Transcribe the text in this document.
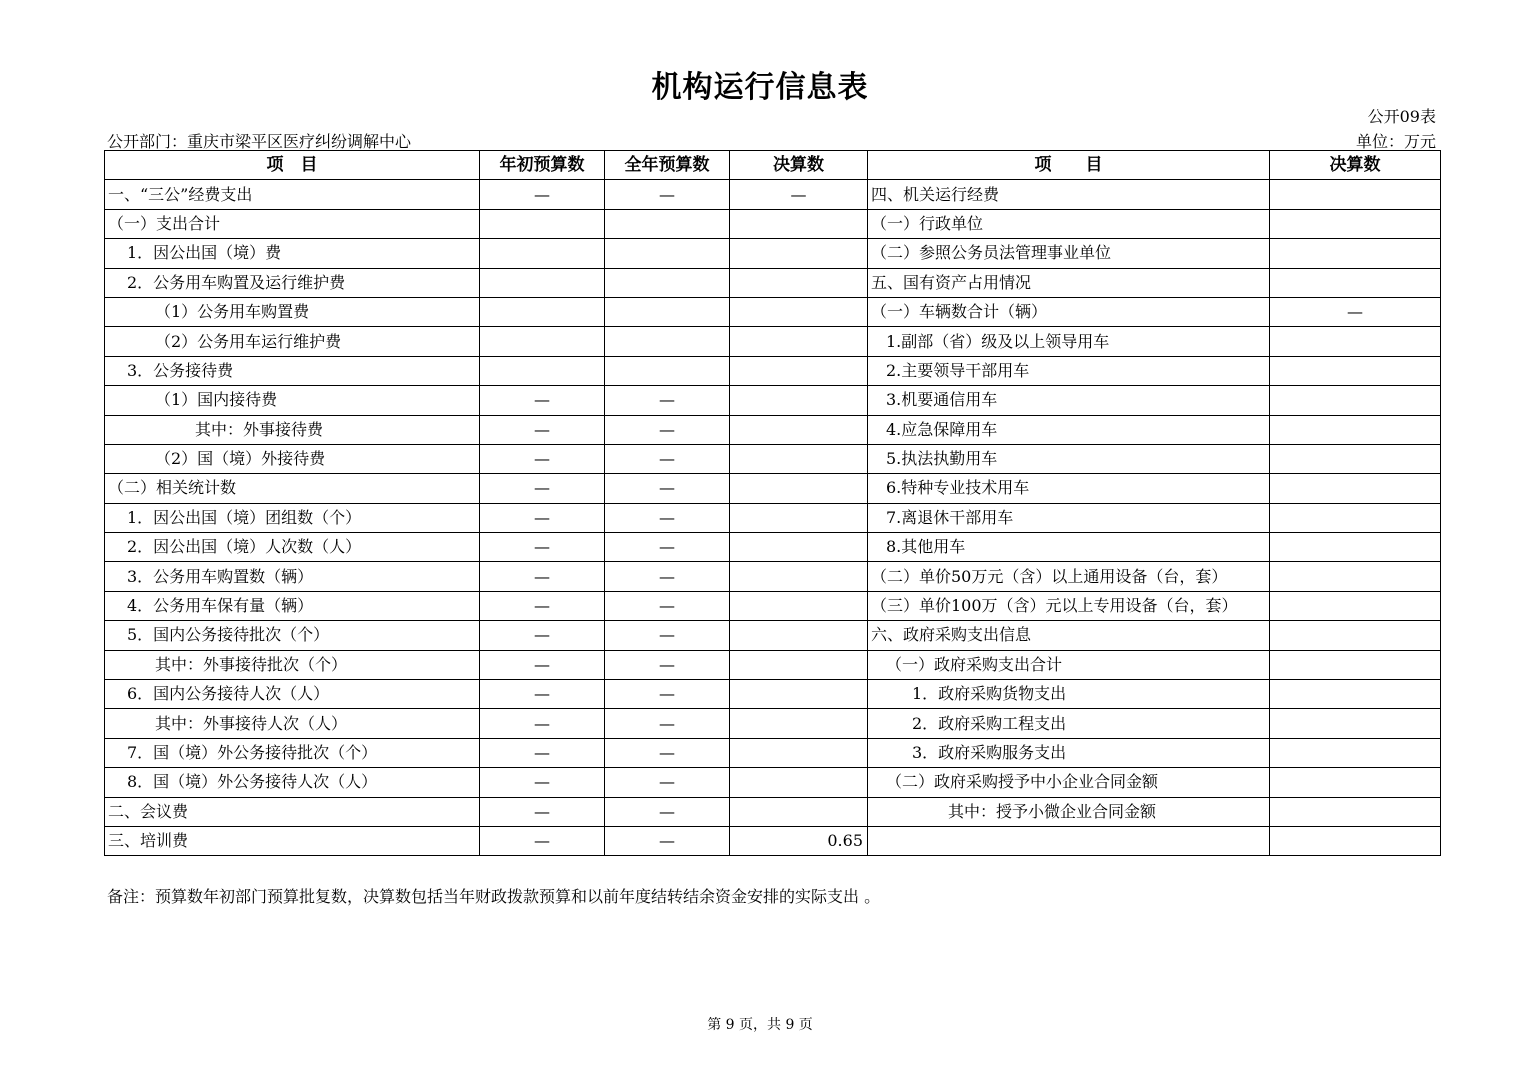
机构运行信息表
公开09表
公开部门：重庆市梁平区医疗纠纷调解中心	单位：万元
项　目	年初预算数	全年预算数	决算数	项　　目	决算数
一、“三公”经费支出	—	—	—	四、机关运行经费	
（一）支出合计				（一）行政单位	
1．因公出国（境）费				（二）参照公务员法管理事业单位	
2．公务用车购置及运行维护费				五、国有资产占用情况	
（1）公务用车购置费				（一）车辆数合计（辆）	—
（2）公务用车运行维护费				1.副部（省）级及以上领导用车	
3．公务接待费				2.主要领导干部用车	
（1）国内接待费	—	—		3.机要通信用车	
其中：外事接待费	—	—		4.应急保障用车	
（2）国（境）外接待费	—	—		5.执法执勤用车	
（二）相关统计数	—	—		6.特种专业技术用车	
1．因公出国（境）团组数（个）	—	—		7.离退休干部用车	
2．因公出国（境）人次数（人）	—	—		8.其他用车	
3．公务用车购置数（辆）	—	—		（二）单价50万元（含）以上通用设备（台，套）	
4．公务用车保有量（辆）	—	—		（三）单价100万（含）元以上专用设备（台，套）	
5．国内公务接待批次（个）	—	—		六、政府采购支出信息	
其中：外事接待批次（个）	—	—		（一）政府采购支出合计	
6．国内公务接待人次（人）	—	—		1．政府采购货物支出	
其中：外事接待人次（人）	—	—		2．政府采购工程支出	
7．国（境）外公务接待批次（个）	—	—		3．政府采购服务支出	
8．国（境）外公务接待人次（人）	—	—		（二）政府采购授予中小企业合同金额	
二、会议费	—	—		其中：授予小微企业合同金额	
三、培训费	—	—	0.65		
备注：预算数年初部门预算批复数，决算数包括当年财政拨款预算和以前年度结转结余资金安排的实际支出 。
第 9 页，共 9 页
